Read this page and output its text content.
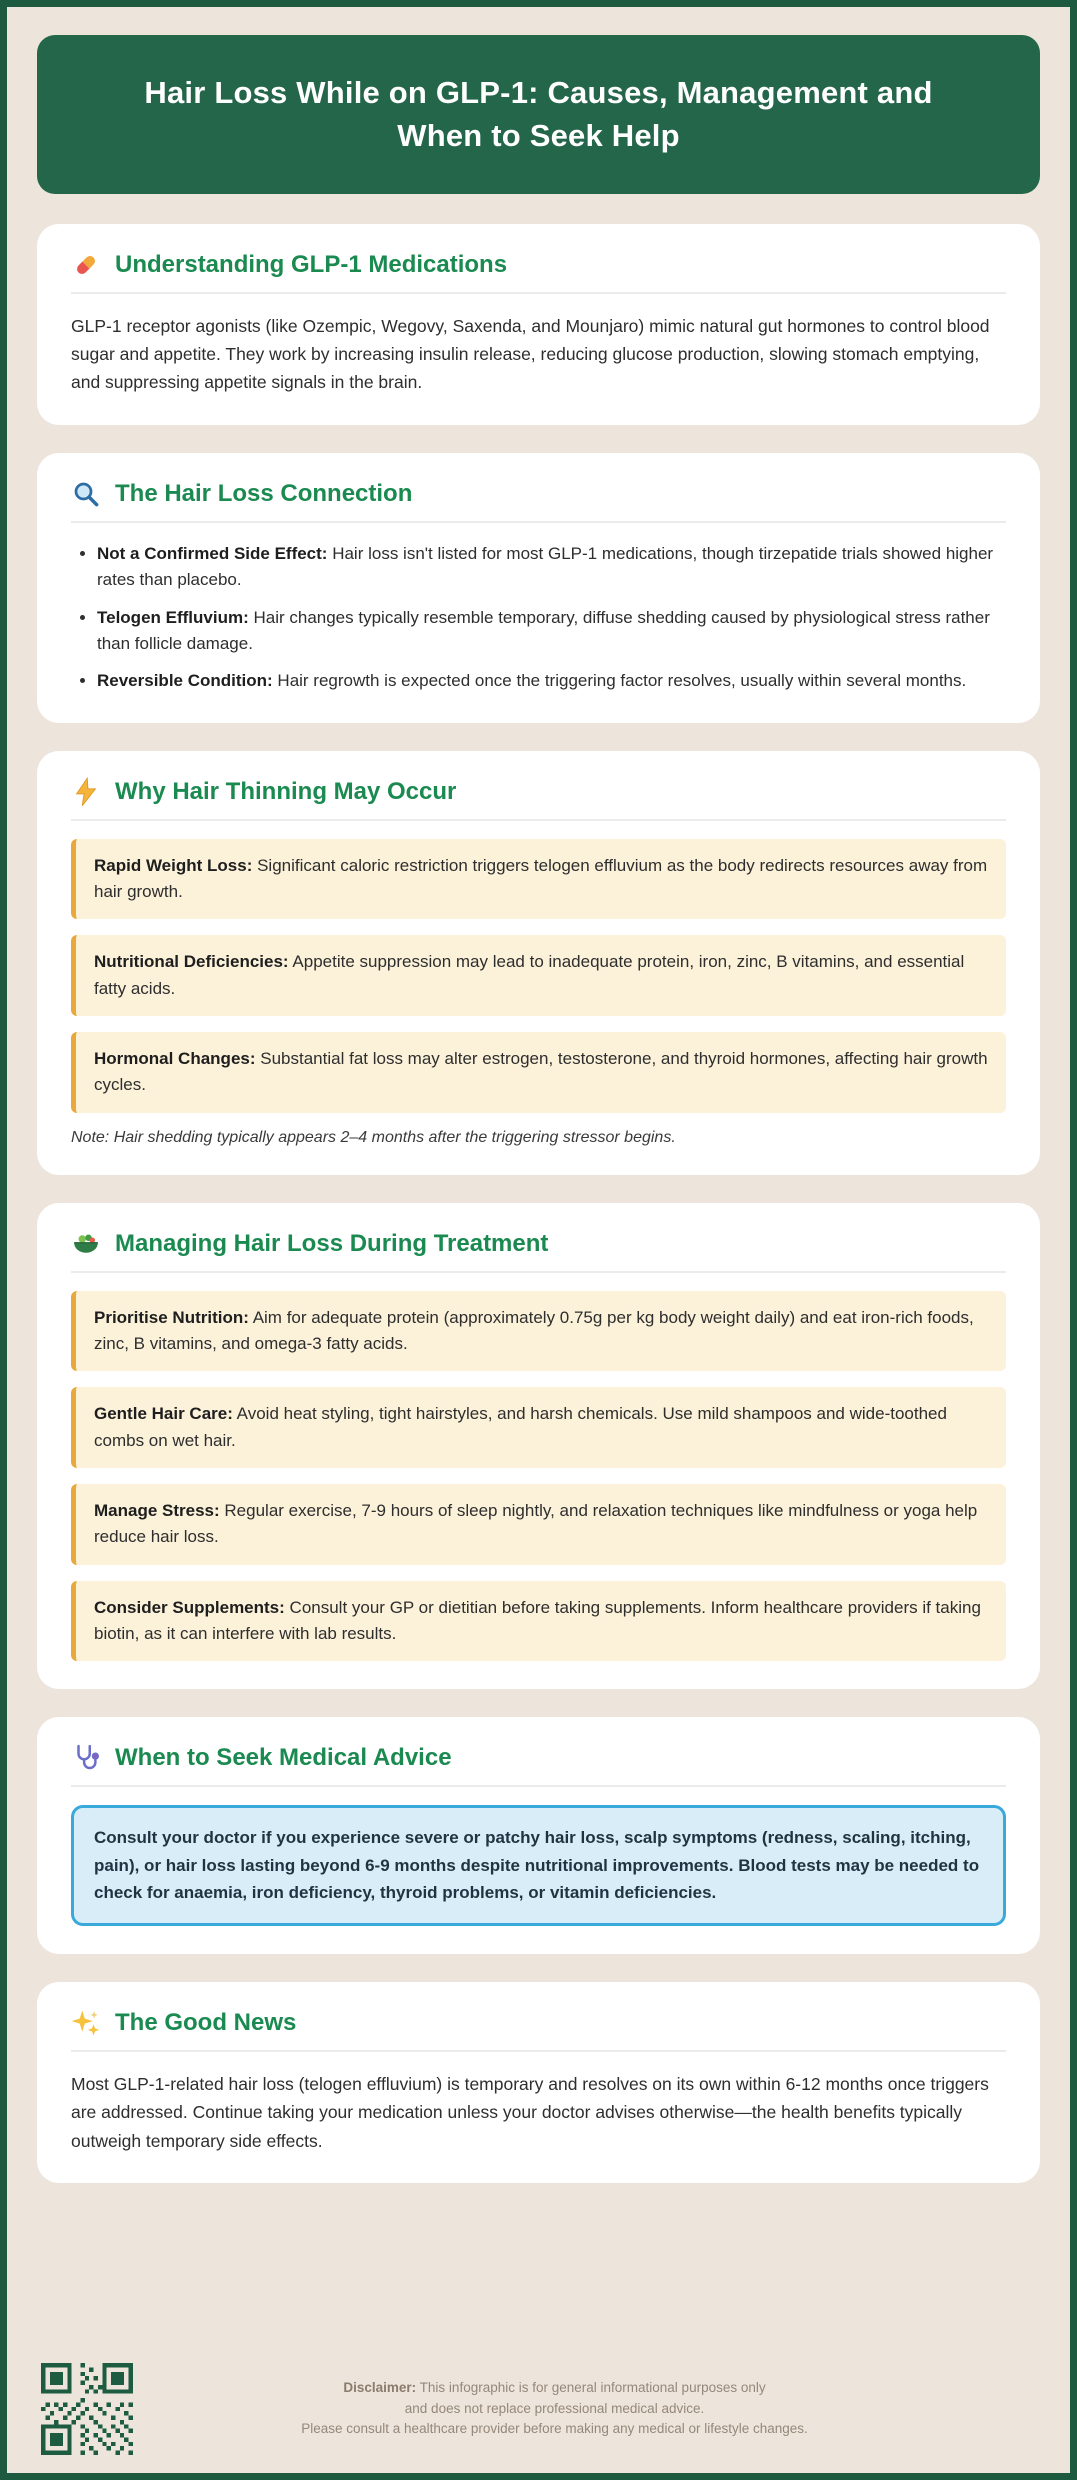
Hair Loss While on GLP-1: Causes, Management and When to Seek Help
Understanding GLP-1 Medications

GLP-1 receptor agonists (like Ozempic, Wegovy, Saxenda, and Mounjaro) mimic natural gut hormones to control blood sugar and appetite. They work by increasing insulin release, reducing glucose production, slowing stomach emptying, and suppressing appetite signals in the brain.

The Hair Loss Connection
• Not a Confirmed Side Effect: Hair loss isn't listed for most GLP-1 medications, though tirzepatide trials showed higher rates than placebo.
• Telogen Effluvium: Hair changes typically resemble temporary, diffuse shedding caused by physiological stress rather than follicle damage.
• Reversible Condition: Hair regrowth is expected once the triggering factor resolves, usually within several months.
Why Hair Thinning May Occur
Rapid Weight Loss: Significant caloric restriction triggers telogen effluvium as the body redirects resources away from hair growth.
Nutritional Deficiencies: Appetite suppression may lead to inadequate protein, iron, zinc, B vitamins, and essential fatty acids.
Hormonal Changes: Substantial fat loss may alter estrogen, testosterone, and thyroid hormones, affecting hair growth cycles.

Note: Hair shedding typically appears 2–4 months after the triggering stressor begins.

Managing Hair Loss During Treatment
Prioritise Nutrition: Aim for adequate protein (approximately 0.75g per kg body weight daily) and eat iron-rich foods, zinc, B vitamins, and omega-3 fatty acids.
Gentle Hair Care: Avoid heat styling, tight hairstyles, and harsh chemicals. Use mild shampoos and wide-toothed combs on wet hair.
Manage Stress: Regular exercise, 7-9 hours of sleep nightly, and relaxation techniques like mindfulness or yoga help reduce hair loss.
Consider Supplements: Consult your GP or dietitian before taking supplements. Inform healthcare providers if taking biotin, as it can interfere with lab results.
When to Seek Medical Advice

Consult your doctor if you experience severe or patchy hair loss, scalp symptoms (redness, scaling, itching, pain), or hair loss lasting beyond 6-9 months despite nutritional improvements. Blood tests may be needed to check for anaemia, iron deficiency, thyroid problems, or vitamin deficiencies.

The Good News

Most GLP-1-related hair loss (telogen effluvium) is temporary and resolves on its own within 6-12 months once triggers are addressed. Continue taking your medication unless your doctor advises otherwise—the health benefits typically outweigh temporary side effects.

Disclaimer: This infographic is for general informational purposes only and does not replace professional medical advice.
Please consult a healthcare provider before making any medical or lifestyle changes.
